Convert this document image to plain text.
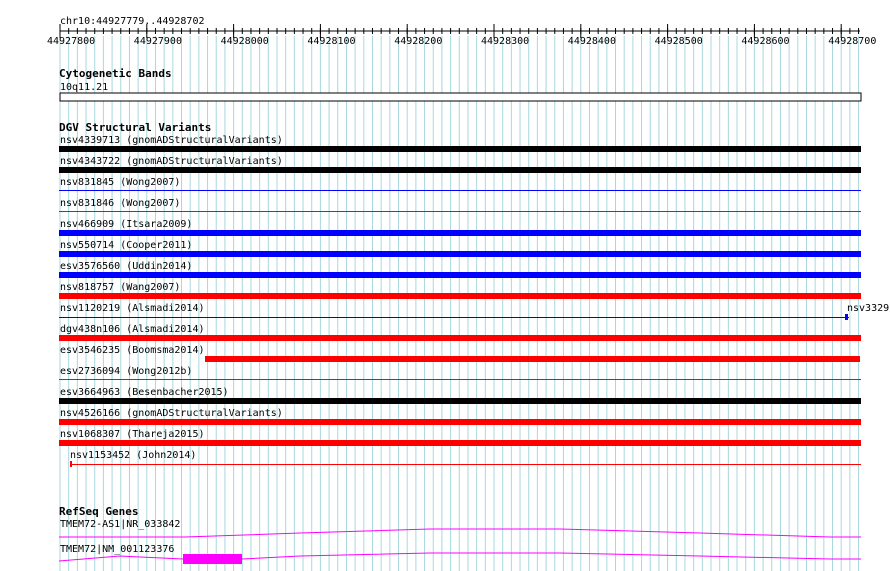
chr10:44927779..44928702
44927800	44927900	44928000	44928100	44928200	44928300	44928400	44928500	44928600	44928700
Cytogenetic Bands
10q11.21
DGV Structural Variants
nsv4339713 (gnomADStructuralVariants)
nsv4343722 (gnomADStructuralVariants)
nsv831845 (Wong2007)
nsv831846 (Wong2007)
nsv466909 (Itsara2009)
nsv550714 (Cooper2011)
esv3576560 (Uddin2014)
nsv818757 (Wang2007)
nsv1120219 (Alsmadi2014)	nsv3329
dgv438n106 (Alsmadi2014)
esv3546235 (Boomsma2014)
esv2736094 (Wong2012b)
esv3664963 (Besenbacher2015)
nsv4526166 (gnomADStructuralVariants)
nsv1068307 (Thareja2015)
nsv1153452 (John2014)
RefSeq Genes
TMEM72-AS1|NR_033842
TMEM72|NM_001123376
